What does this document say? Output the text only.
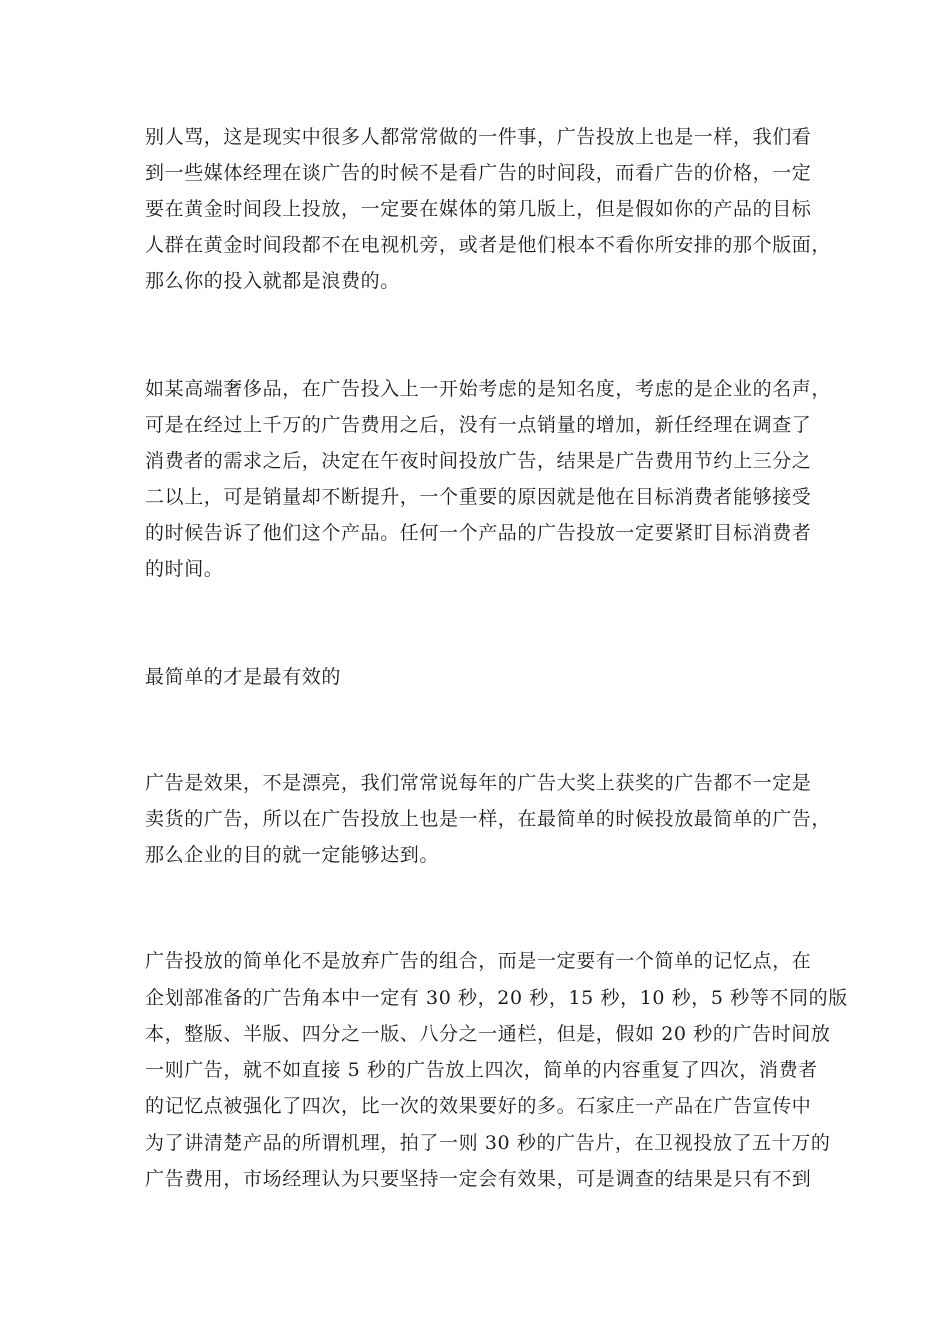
别人骂，这是现实中很多人都常常做的一件事，广告投放上也是一样，我们看
到一些媒体经理在谈广告的时候不是看广告的时间段，而看广告的价格，一定
要在黄金时间段上投放，一定要在媒体的第几版上，但是假如你的产品的目标
人群在黄金时间段都不在电视机旁，或者是他们根本不看你所安排的那个版面，
那么你的投入就都是浪费的。
如某高端奢侈品，在广告投入上一开始考虑的是知名度，考虑的是企业的名声，
可是在经过上千万的广告费用之后，没有一点销量的增加，新任经理在调查了
消费者的需求之后，决定在午夜时间投放广告，结果是广告费用节约上三分之
二以上，可是销量却不断提升，一个重要的原因就是他在目标消费者能够接受
的时候告诉了他们这个产品。任何一个产品的广告投放一定要紧盯目标消费者
的时间。
最简单的才是最有效的
广告是效果，不是漂亮，我们常常说每年的广告大奖上获奖的广告都不一定是
卖货的广告，所以在广告投放上也是一样，在最简单的时候投放最简单的广告，
那么企业的目的就一定能够达到。
广告投放的简单化不是放弃广告的组合，而是一定要有一个简单的记忆点，在
企划部准备的广告角本中一定有 30 秒，20 秒，15 秒，10 秒，5 秒等不同的版
本，整版、半版、四分之一版、八分之一通栏，但是，假如 20 秒的广告时间放
一则广告，就不如直接 5 秒的广告放上四次，简单的内容重复了四次，消费者
的记忆点被强化了四次，比一次的效果要好的多。石家庄一产品在广告宣传中
为了讲清楚产品的所谓机理，拍了一则 30 秒的广告片，在卫视投放了五十万的
广告费用，市场经理认为只要坚持一定会有效果，可是调查的结果是只有不到
